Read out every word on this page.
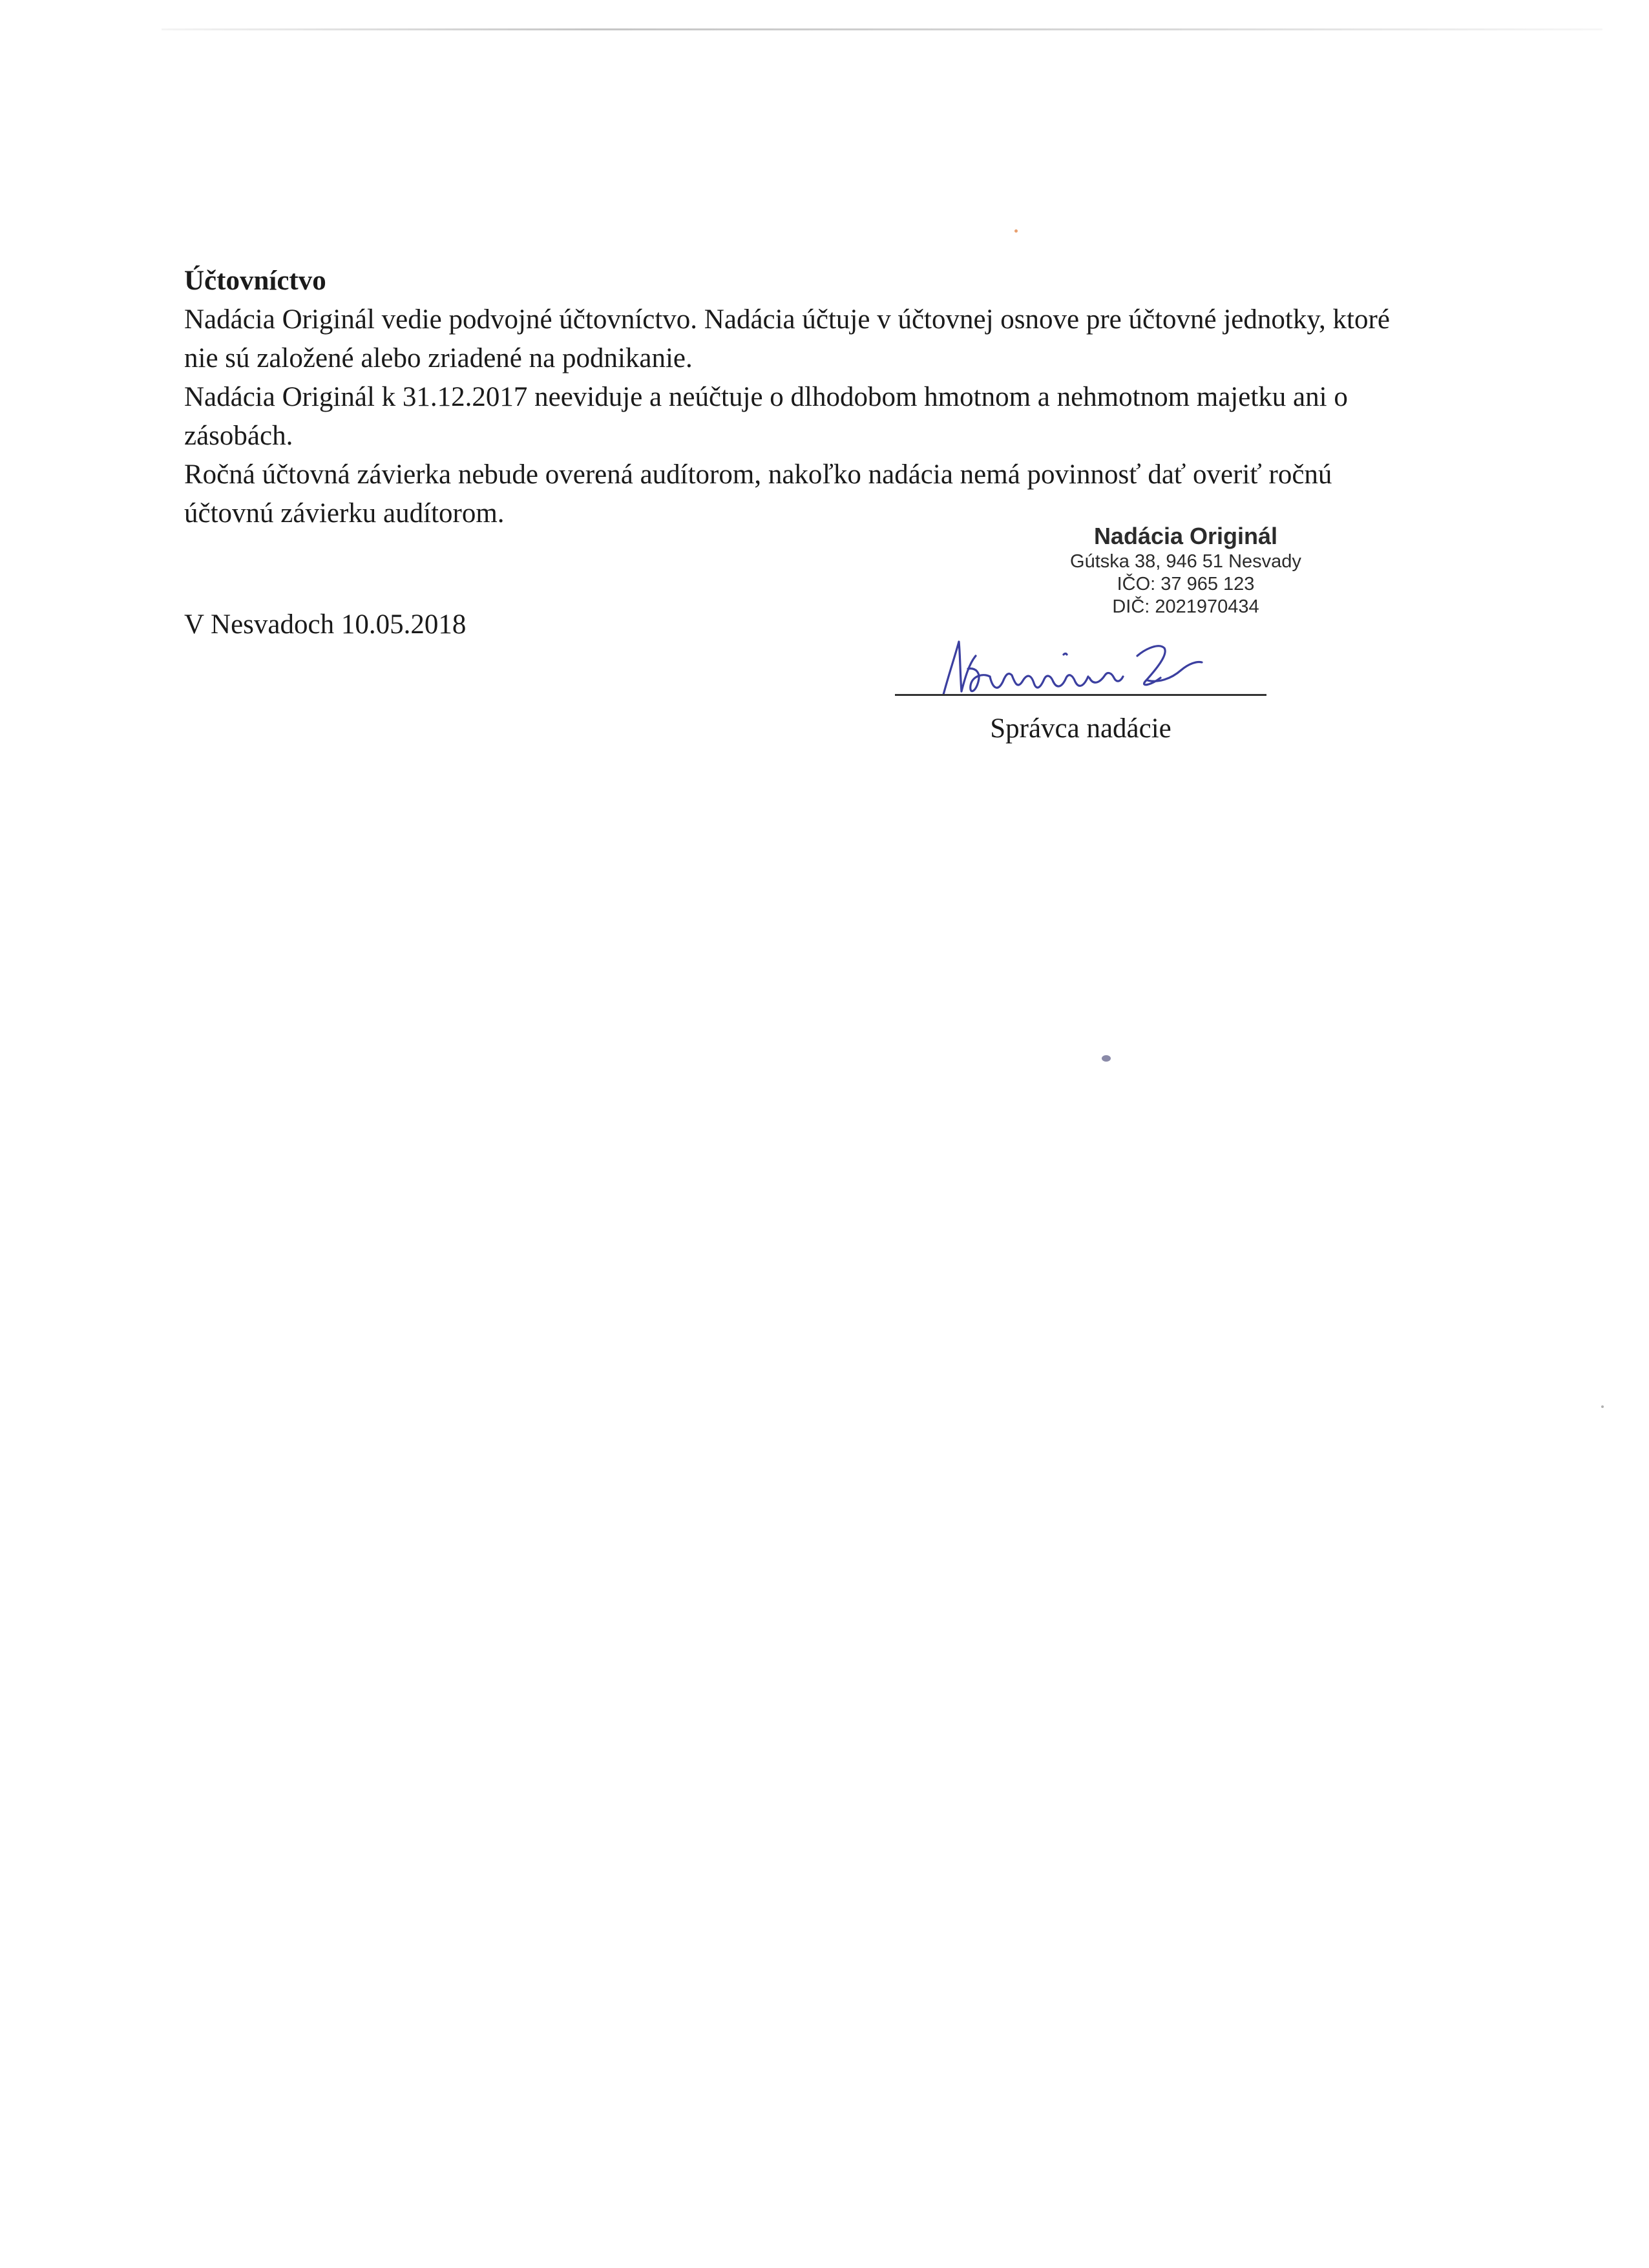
Účtovníctvo

Nadácia Originál vedie podvojné účtovníctvo. Nadácia účtuje v účtovnej osnove pre účtovné jednotky, ktoré nie sú založené alebo zriadené na podnikanie.

Nadácia Originál k 31.12.2017 neeviduje a neúčtuje o dlhodobom hmotnom a nehmotnom majetku ani o zásobách.

Ročná účtovná závierka nebude overená audítorom, nakoľko nadácia nemá povinnosť dať overiť ročnú účtovnú závierku audítorom.

Nadácia Originál
Gútska 38, 946 51 Nesvady
IČO: 37 965 123
DIČ: 2021970434
V Nesvadoch 10.05.2018
Správca nadácie
